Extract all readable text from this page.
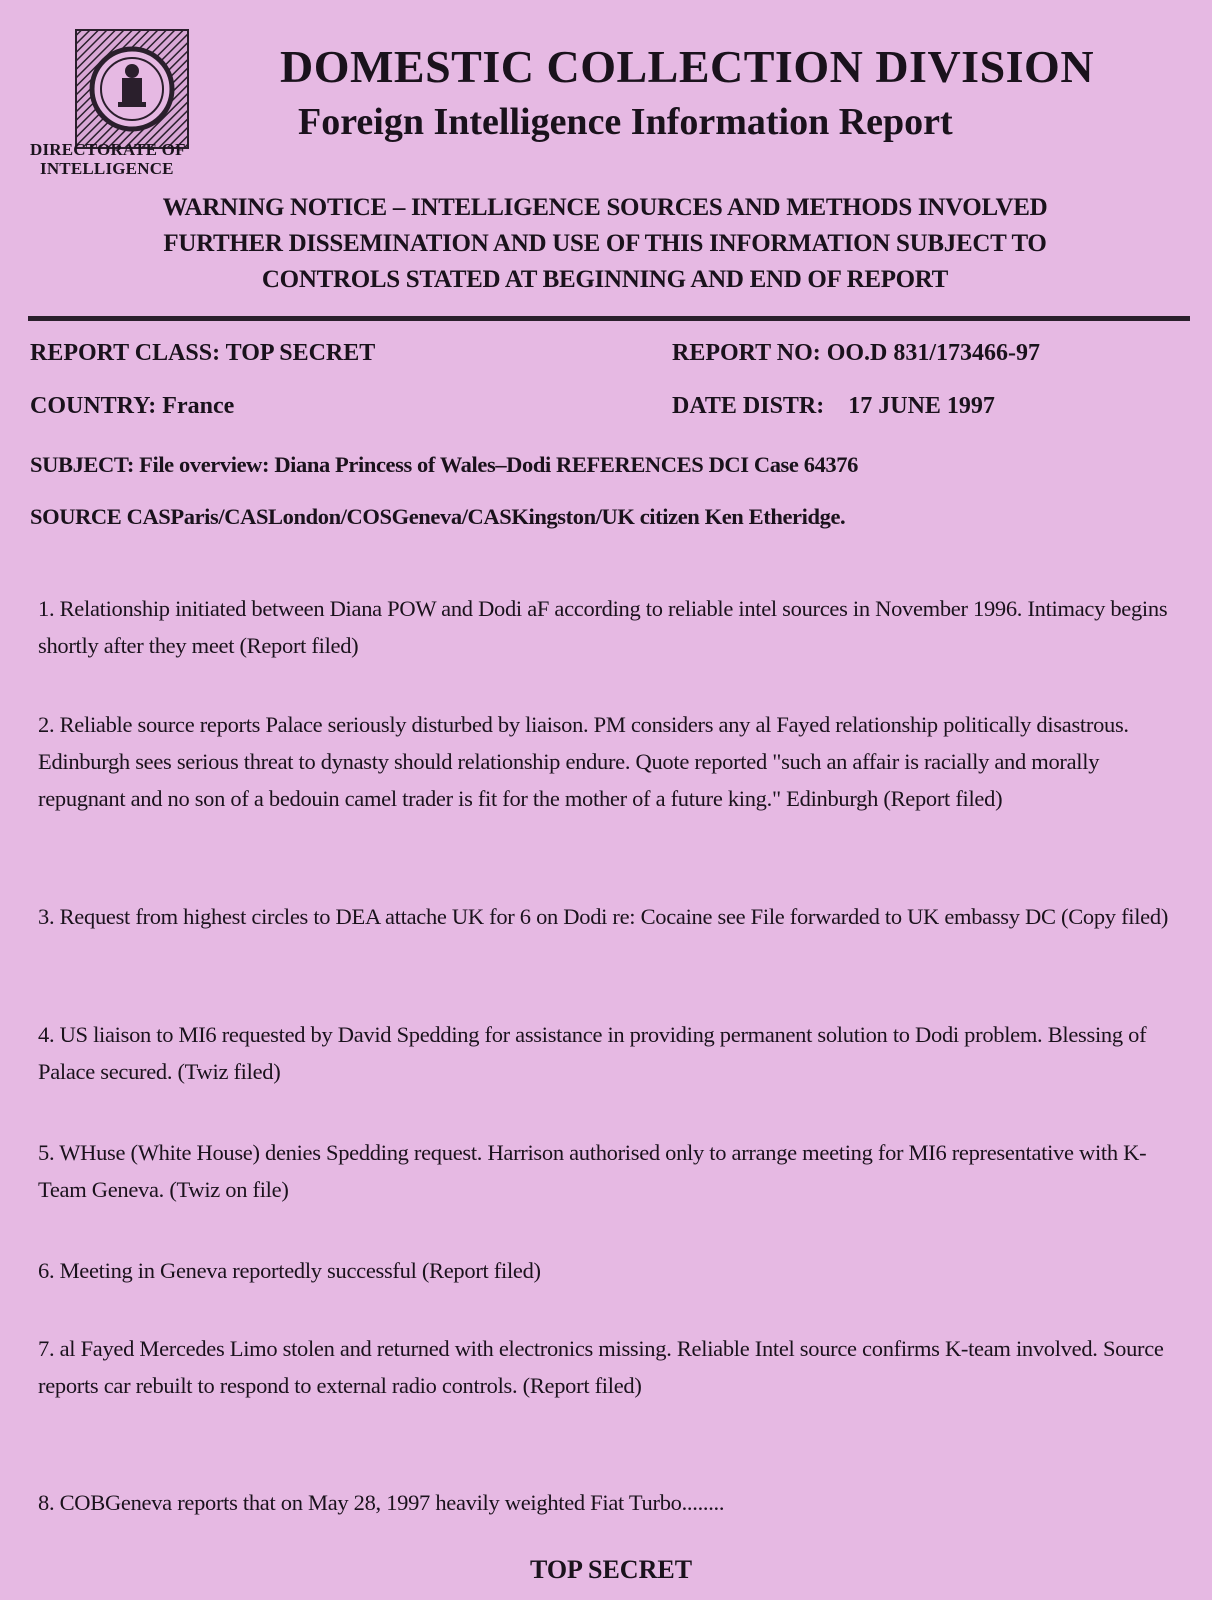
DIRECTORATE OF
INTELLIGENCE
DOMESTIC COLLECTION DIVISION
Foreign Intelligence Information Report
WARNING NOTICE – INTELLIGENCE SOURCES AND METHODS INVOLVED
FURTHER DISSEMINATION AND USE OF THIS INFORMATION SUBJECT TO
CONTROLS STATED AT BEGINNING AND END OF REPORT
REPORT CLASS: TOP SECRET	REPORT NO: OO.D 831/173466-97
COUNTRY: France	DATE DISTR:    17 JUNE 1997
SUBJECT: File overview: Diana Princess of Wales–Dodi REFERENCES DCI Case 64376
SOURCE CASParis/CASLondon/COSGeneva/CASKingston/UK citizen Ken Etheridge.
1. Relationship initiated between Diana POW and Dodi aF according to reliable intel sources in November 1996. Intimacy begins shortly after they meet (Report filed)
2. Reliable source reports Palace seriously disturbed by liaison. PM considers any al Fayed relationship politically disastrous. Edinburgh sees serious threat to dynasty should relationship endure. Quote reported "such an affair is racially and morally repugnant and no son of a bedouin camel trader is fit for the mother of a future king." Edinburgh (Report filed)
3. Request from highest circles to DEA attache UK for 6 on Dodi re: Cocaine see File forwarded to UK embassy DC (Copy filed)
4. US liaison to MI6 requested by David Spedding for assistance in providing permanent solution to Dodi problem. Blessing of Palace secured. (Twiz filed)
5. WHuse (White House) denies Spedding request. Harrison authorised only to arrange meeting for MI6 representative with K-Team Geneva. (Twiz on file)
6. Meeting in Geneva reportedly successful (Report filed)
7. al Fayed Mercedes Limo stolen and returned with electronics missing. Reliable Intel source confirms K-team involved. Source reports car rebuilt to respond to external radio controls. (Report filed)
8. COBGeneva reports that on May 28, 1997 heavily weighted Fiat Turbo........
TOP SECRET
